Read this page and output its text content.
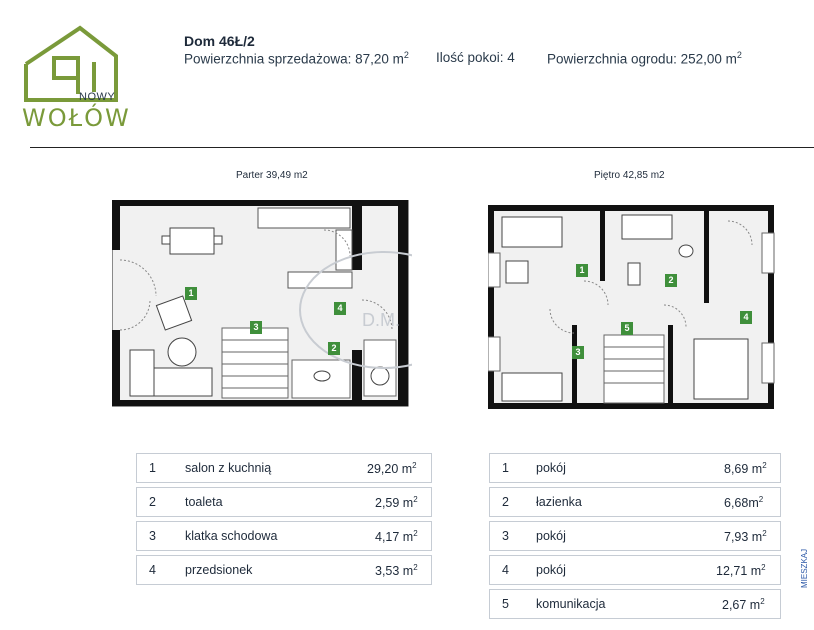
NOWY
WOŁÓW
Dom 46Ł/2
Powierzchnia sprzedażowa: 87,20 $m^2$ Ilość pokoi: 4 Powierzchnia ogrodu: 252,00 $m^2$
Parter 39,49 m2	Piętro 42,85 m2
D.M.
1
2
3
4
1
2
3
4
5
1 salon z kuchnią	29,20 $m^2$
2 toaleta	2,59 $m^2$
3 klatka schodowa	4,17 $m^2$
4 przedsionek	3,53 $m^2$
1 pokój	8,69 $m^2$
2 łazienka	$6,68m^2$
3 pokój	7,93 $m^2$
4 pokój	12,71 $m^2$
5 komunikacja	2,67 $m^2$
MIESZKAJ
